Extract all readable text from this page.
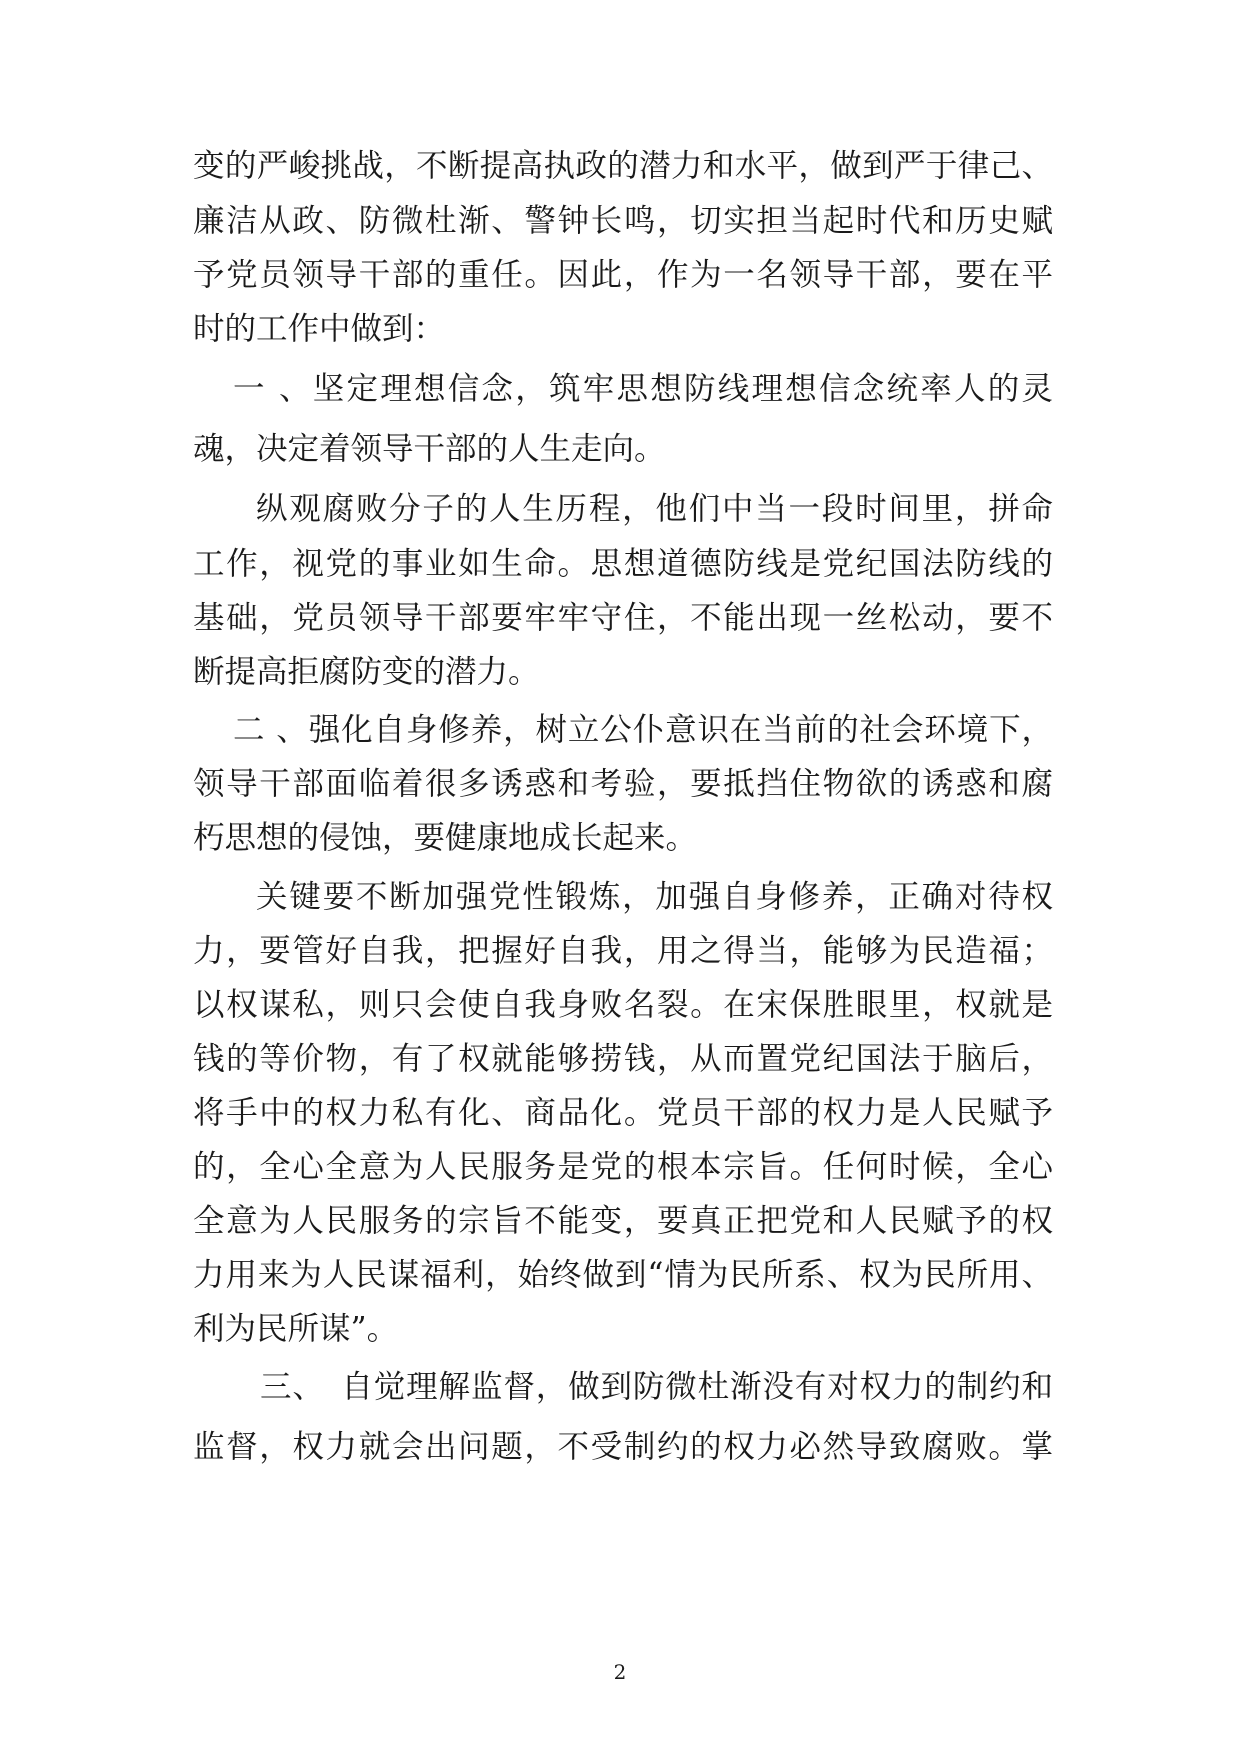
变的严峻挑战，不断提高执政的潜力和水平，做到严于律己、
廉洁从政、防微杜渐、警钟长鸣，切实担当起时代和历史赋
予党员领导干部的重任。因此，作为一名领导干部，要在平
时的工作中做到：
一 、坚定理想信念，筑牢思想防线理想信念统率人的灵
魂，决定着领导干部的人生走向。
纵观腐败分子的人生历程，他们中当一段时间里，拼命
工作，视党的事业如生命。思想道德防线是党纪国法防线的
基础，党员领导干部要牢牢守住，不能出现一丝松动，要不
断提高拒腐防变的潜力。
二 、强化自身修养，树立公仆意识在当前的社会环境下，
领导干部面临着很多诱惑和考验，要抵挡住物欲的诱惑和腐
朽思想的侵蚀，要健康地成长起来。
关键要不断加强党性锻炼，加强自身修养，正确对待权
力，要管好自我，把握好自我，用之得当，能够为民造福；
以权谋私，则只会使自我身败名裂。在宋保胜眼里，权就是
钱的等价物，有了权就能够捞钱，从而置党纪国法于脑后，
将手中的权力私有化、商品化。党员干部的权力是人民赋予
的，全心全意为人民服务是党的根本宗旨。任何时候，全心
全意为人民服务的宗旨不能变，要真正把党和人民赋予的权
力用来为人民谋福利，始终做到“情为民所系、权为民所用、
利为民所谋”。
三、　自觉理解监督，做到防微杜渐没有对权力的制约和
监督，权力就会出问题，不受制约的权力必然导致腐败。掌
2
